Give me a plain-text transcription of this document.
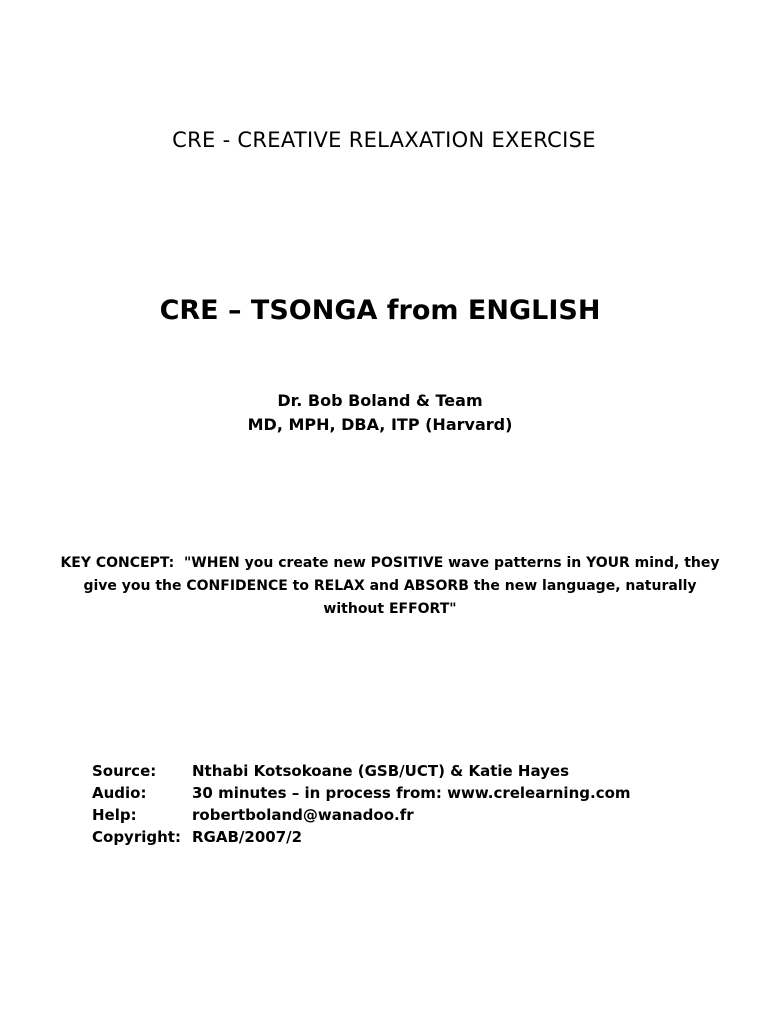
CRE - CREATIVE RELAXATION EXERCISE
CRE – TSONGA from ENGLISH
Dr. Bob Boland & Team
MD, MPH, DBA, ITP (Harvard)
KEY CONCEPT: "WHEN you create new POSITIVE wave patterns in YOUR mind, they give you the CONFIDENCE to RELAX and ABSORB the new language, naturally without EFFORT"
Source:	Nthabi Kotsokoane (GSB/UCT) & Katie Hayes
Audio:	30 minutes – in process from: www.crelearning.com
Help:	robertboland@wanadoo.fr
Copyright: RGAB/2007/2
